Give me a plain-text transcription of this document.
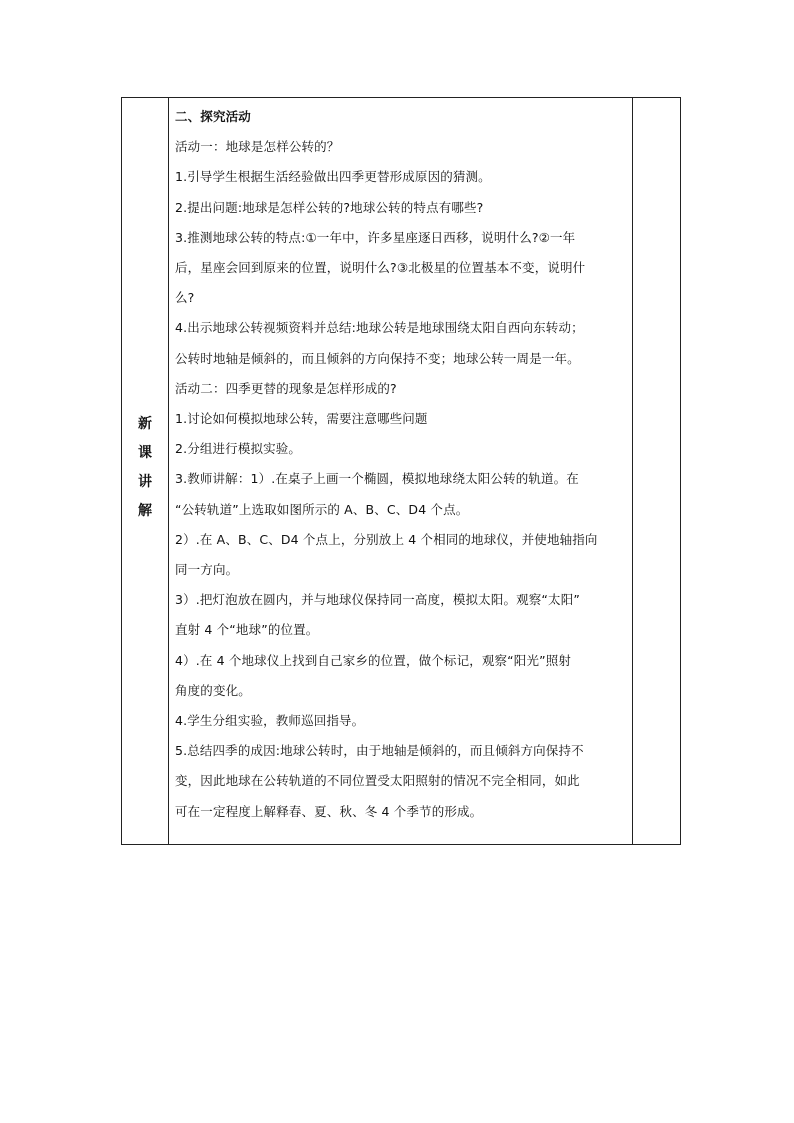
新
课
讲
解
二、探究活动
活动一：地球是怎样公转的？
1.引导学生根据生活经验做出四季更替形成原因的猜测。
2.提出问题:地球是怎样公转的?地球公转的特点有哪些?
3.推测地球公转的特点:①一年中，许多星座逐日西移，说明什么?②一年
后，星座会回到原来的位置，说明什么?③北极星的位置基本不变，说明什
么?
4.出示地球公转视频资料并总结:地球公转是地球围绕太阳自西向东转动；
公转时地轴是倾斜的，而且倾斜的方向保持不变；地球公转一周是一年。
活动二：四季更替的现象是怎样形成的?
1.讨论如何模拟地球公转，需要注意哪些问题
2.分组进行模拟实验。
3.教师讲解：1）.在桌子上画一个椭圆，模拟地球绕太阳公转的轨道。在
“公转轨道”上选取如图所示的 A、B、C、D4 个点。
2）.在 A、B、C、D4 个点上，分别放上 4 个相同的地球仪，并使地轴指向
同一方向。
3）.把灯泡放在圆内，并与地球仪保持同一高度，模拟太阳。观察“太阳”
直射 4 个“地球”的位置。
4）.在 4 个地球仪上找到自己家乡的位置，做个标记，观察“阳光”照射
角度的变化。
4.学生分组实验，教师巡回指导。
5.总结四季的成因:地球公转时，由于地轴是倾斜的，而且倾斜方向保持不
变，因此地球在公转轨道的不同位置受太阳照射的情况不完全相同，如此
可在一定程度上解释春、夏、秋、冬 4 个季节的形成。
